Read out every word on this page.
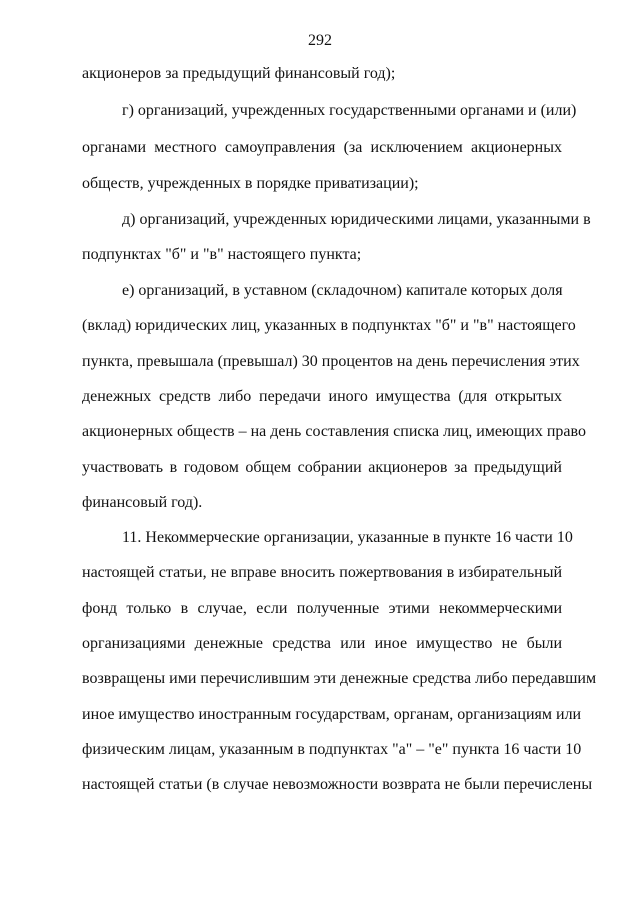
292
акционеров за предыдущий финансовый год);
г) организаций, учрежденных государственными органами и (или)
органами местного самоуправления (за исключением акционерных
обществ, учрежденных в порядке приватизации);
д) организаций, учрежденных юридическими лицами, указанными в
подпунктах "б" и "в" настоящего пункта;
е) организаций, в уставном (складочном) капитале которых доля
(вклад) юридических лиц, указанных в подпунктах "б" и "в" настоящего
пункта, превышала (превышал) 30 процентов на день перечисления этих
денежных средств либо передачи иного имущества (для открытых
акционерных обществ – на день составления списка лиц, имеющих право
участвовать в годовом общем собрании акционеров за предыдущий
финансовый год).
11. Некоммерческие организации, указанные в пункте 16 части 10
настоящей статьи, не вправе вносить пожертвования в избирательный
фонд только в случае, если полученные этими некоммерческими
организациями денежные средства или иное имущество не были
возвращены ими перечислившим эти денежные средства либо передавшим
иное имущество иностранным государствам, органам, организациям или
физическим лицам, указанным в подпунктах "а" – "е" пункта 16 части 10
настоящей статьи (в случае невозможности возврата не были перечислены
